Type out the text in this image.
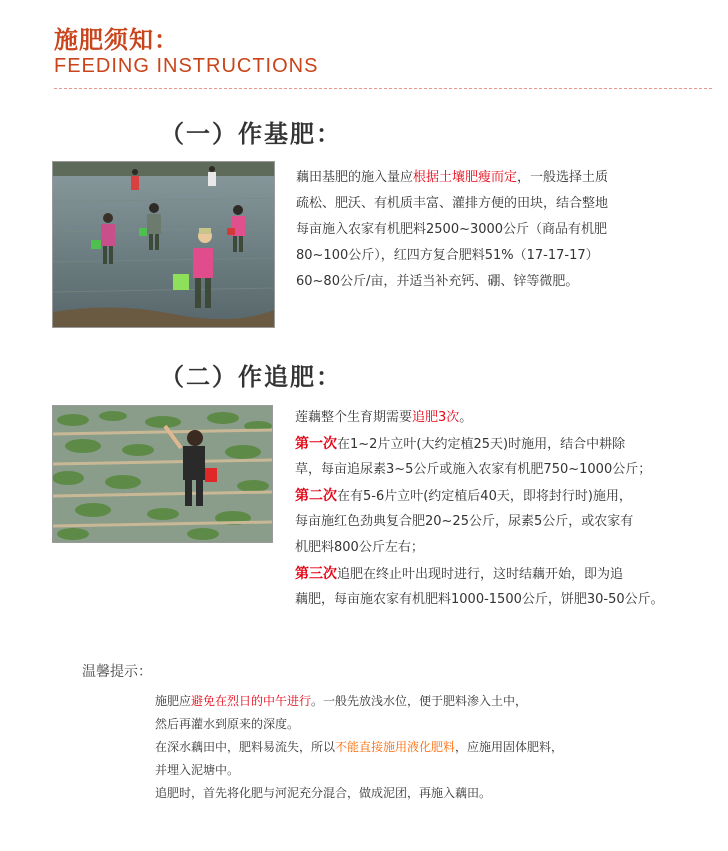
施肥须知：
FEEDING INSTRUCTIONS
（一）作基肥：
藕田基肥的施入量应根据土壤肥瘦而定，一般选择土质
疏松、肥沃、有机质丰富、灌排方便的田块，结合整地
每亩施入农家有机肥料2500~3000公斤（商品有机肥
80~100公斤），红四方复合肥料51%（17-17-17）
60~80公斤/亩，并适当补充钙、硼、锌等微肥。
（二）作追肥：
莲藕整个生育期需要追肥3次。
第一次在1~2片立叶(大约定植25天)时施用，结合中耕除
草，每亩追尿素3~5公斤或施入农家有机肥750~1000公斤；
第二次在有5-6片立叶(约定植后40天，即将封行时)施用，
每亩施红色劲典复合肥20~25公斤，尿素5公斤，或农家有
机肥料800公斤左右；
第三次追肥在终止叶出现时进行，这时结藕开始，即为追
藕肥，每亩施农家有机肥料1000-1500公斤，饼肥30-50公斤。
温馨提示：
施肥应避免在烈日的中午进行。一般先放浅水位，便于肥料渗入土中，
然后再灌水到原来的深度。
在深水藕田中，肥料易流失，所以不能直接施用液化肥料，应施用固体肥料，
并埋入泥塘中。
追肥时，首先将化肥与河泥充分混合，做成泥团，再施入藕田。
